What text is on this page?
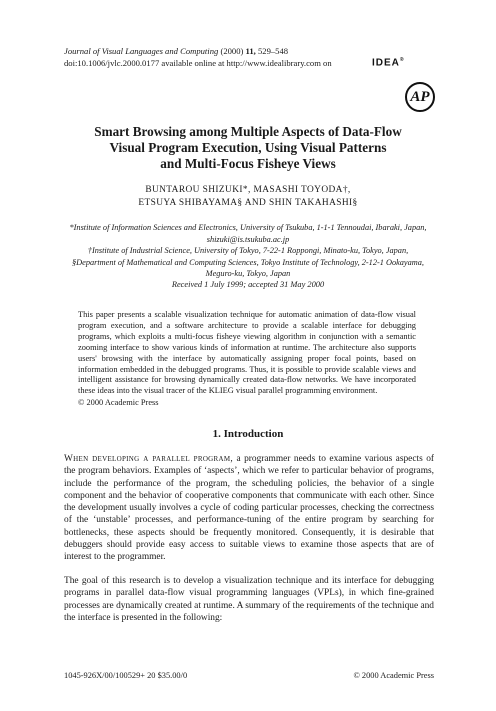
Journal of Visual Languages and Computing (2000) 11, 529–548
doi:10.1006/jvlc.2000.0177 available online at http://www.idealibrary.com on	IDEA®
AP
Smart Browsing among Multiple Aspects of Data-Flow
Visual Program Execution, Using Visual Patterns
and Multi-Focus Fisheye Views
BUNTAROU SHIZUKI*, MASASHI TOYODA†,
ETSUYA SHIBAYAMA§ AND SHIN TAKAHASHI§
*Institute of Information Sciences and Electronics, University of Tsukuba, 1-1-1 Tennoudai, Ibaraki, Japan,
shizuki@is.tsukuba.ac.jp
†Institute of Industrial Science, University of Tokyo, 7-22-1 Roppongi, Minato-ku, Tokyo, Japan,
§Department of Mathematical and Computing Sciences, Tokyo Institute of Technology, 2-12-1 Ookayama,
Meguro-ku, Tokyo, Japan
Received 1 July 1999; accepted 31 May 2000

This paper presents a scalable visualization technique for automatic animation of data-flow visual program execution, and a software architecture to provide a scalable interface for debugging programs, which exploits a multi-focus fisheye viewing algorithm in conjunction with a semantic zooming interface to show various kinds of information at runtime. The architecture also supports users' browsing with the interface by automatically assigning proper focal points, based on information embedded in the debugged programs. Thus, it is possible to provide scalable views and intelligent assistance for browsing dynamically created data-flow networks. We have incorporated these ideas into the visual tracer of the KLIEG visual parallel programming environment.

© 2000 Academic Press
1. Introduction

When developing a parallel program, a programmer needs to examine various aspects of the program behaviors. Examples of ‘aspects’, which we refer to particular behavior of programs, include the performance of the program, the scheduling policies, the behavior of a single component and the behavior of cooperative components that communicate with each other. Since the development usually involves a cycle of coding particular processes, checking the correctness of the ‘unstable’ processes, and performance-tuning of the entire program by searching for bottlenecks, these aspects should be frequently monitored. Consequently, it is desirable that debuggers should provide easy access to suitable views to examine those aspects that are of interest to the programmer.

The goal of this research is to develop a visualization technique and its interface for debugging programs in parallel data-flow visual programming languages (VPLs), in which fine-grained processes are dynamically created at runtime. A summary of the requirements of the technique and the interface is presented in the following:

1045-926X/00/100529+ 20 $35.00/0	© 2000 Academic Press
